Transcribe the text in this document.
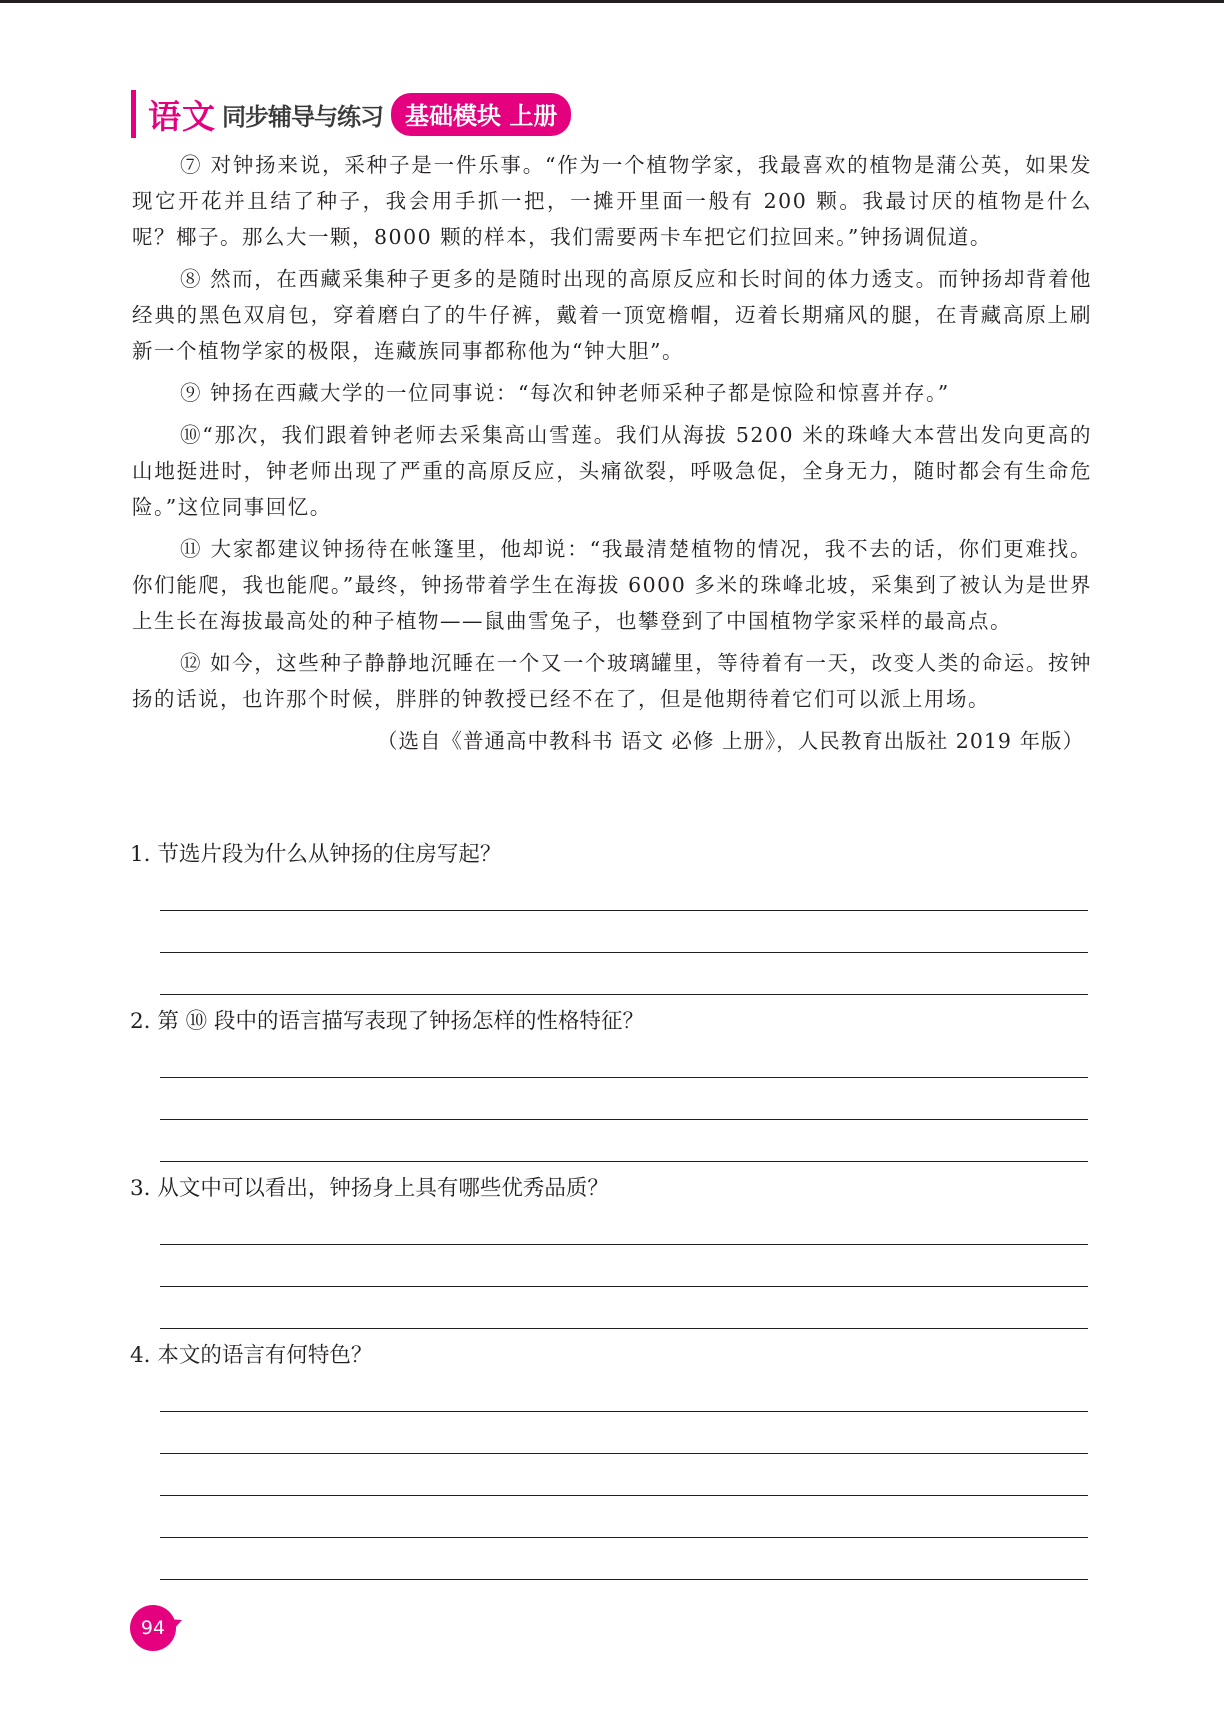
语文 同步辅导与练习 基础模块 上册

⑦ 对钟扬来说，采种子是一件乐事。“作为一个植物学家，我最喜欢的植物是蒲公英，如果发现它开花并且结了种子，我会用手抓一把，一摊开里面一般有 200 颗。我最讨厌的植物是什么呢？椰子。那么大一颗，8000 颗的样本，我们需要两卡车把它们拉回来。”钟扬调侃道。

⑧ 然而，在西藏采集种子更多的是随时出现的高原反应和长时间的体力透支。而钟扬却背着他经典的黑色双肩包，穿着磨白了的牛仔裤，戴着一顶宽檐帽，迈着长期痛风的腿，在青藏高原上刷新一个植物学家的极限，连藏族同事都称他为“钟大胆”。

⑨ 钟扬在西藏大学的一位同事说：“每次和钟老师采种子都是惊险和惊喜并存。”

⑩“那次，我们跟着钟老师去采集高山雪莲。我们从海拔 5200 米的珠峰大本营出发向更高的山地挺进时，钟老师出现了严重的高原反应，头痛欲裂，呼吸急促，全身无力，随时都会有生命危险。”这位同事回忆。

⑪ 大家都建议钟扬待在帐篷里，他却说：“我最清楚植物的情况，我不去的话，你们更难找。你们能爬，我也能爬。”最终，钟扬带着学生在海拔 6000 多米的珠峰北坡，采集到了被认为是世界上生长在海拔最高处的种子植物——鼠曲雪兔子，也攀登到了中国植物学家采样的最高点。

⑫ 如今，这些种子静静地沉睡在一个又一个玻璃罐里，等待着有一天，改变人类的命运。按钟扬的话说，也许那个时候，胖胖的钟教授已经不在了，但是他期待着它们可以派上用场。

（选自《普通高中教科书 语文 必修 上册》，人民教育出版社 2019 年版）

1. 节选片段为什么从钟扬的住房写起？

2. 第 ⑩ 段中的语言描写表现了钟扬怎样的性格特征？

3. 从文中可以看出，钟扬身上具有哪些优秀品质？

4. 本文的语言有何特色？

94
